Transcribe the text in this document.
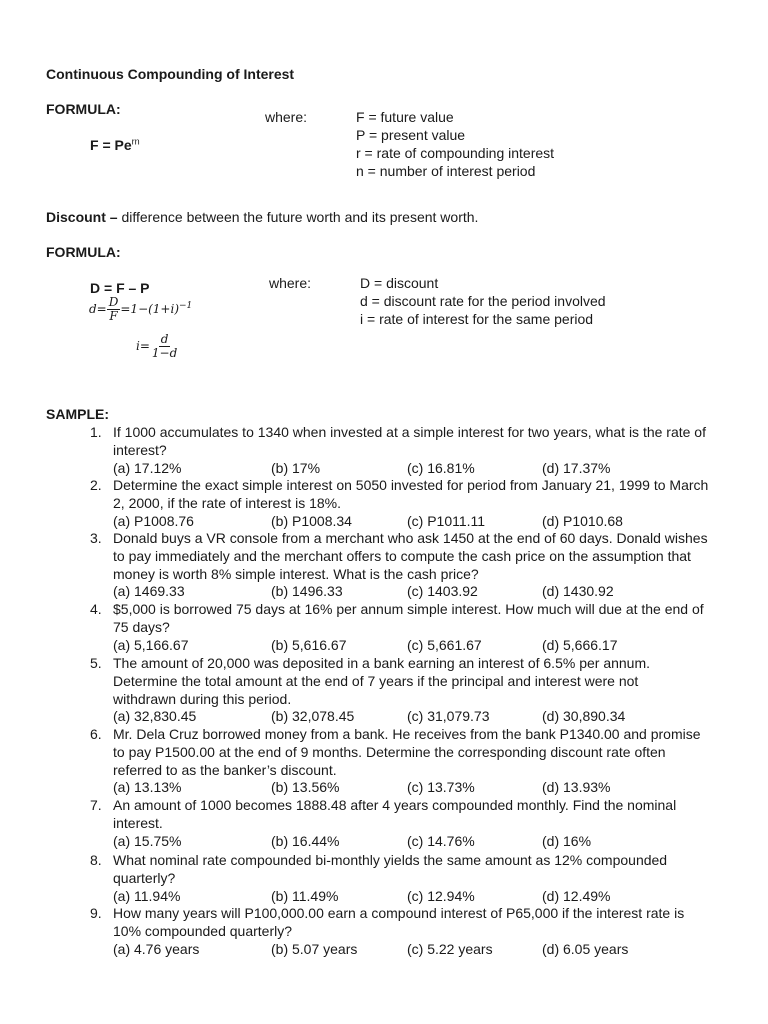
Continuous Compounding of Interest
FORMULA:
$F = Pe^{rn}$
where:	F = future value
P = present value
r = rate of compounding interest
n = number of interest period
Discount – difference between the future worth and its present worth.
FORMULA:
D = F – P
$d= \frac{D}{F} =1-(1+i)^{-1}$
$i= \frac{d}{1-d}$
where:	D = discount
d = discount rate for the period involved
i = rate of interest for the same period
SAMPLE:
1. If 1000 accumulates to 1340 when invested at a simple interest for two years, what is the rate of interest?
(a) 17.12%	(b) 17%	(c) 16.81%	(d) 17.37%
2. Determine the exact simple interest on 5050 invested for period from January 21, 1999 to March 2, 2000, if the rate of interest is 18%.
(a) P1008.76	(b) P1008.34	(c) P1011.11	(d) P1010.68
3. Donald buys a VR console from a merchant who ask 1450 at the end of 60 days. Donald wishes to pay immediately and the merchant offers to compute the cash price on the assumption that money is worth 8% simple interest. What is the cash price?
(a) 1469.33	(b) 1496.33	(c) 1403.92	(d) 1430.92
4. $5,000 is borrowed 75 days at 16% per annum simple interest. How much will due at the end of 75 days?
(a) 5,166.67	(b) 5,616.67	(c) 5,661.67	(d) 5,666.17
5. The amount of 20,000 was deposited in a bank earning an interest of 6.5% per annum. Determine the total amount at the end of 7 years if the principal and interest were not withdrawn during this period.
(a) 32,830.45	(b) 32,078.45	(c) 31,079.73	(d) 30,890.34
6. Mr. Dela Cruz borrowed money from a bank. He receives from the bank P1340.00 and promise to pay P1500.00 at the end of 9 months. Determine the corresponding discount rate often referred to as the banker’s discount.
(a) 13.13%	(b) 13.56%	(c) 13.73%	(d) 13.93%
7. An amount of 1000 becomes 1888.48 after 4 years compounded monthly. Find the nominal interest.
(a) 15.75%	(b) 16.44%	(c) 14.76%	(d) 16%
8. What nominal rate compounded bi-monthly yields the same amount as 12% compounded quarterly?
(a) 11.94%	(b) 11.49%	(c) 12.94%	(d) 12.49%
9. How many years will P100,000.00 earn a compound interest of P65,000 if the interest rate is 10% compounded quarterly?
(a) 4.76 years	(b) 5.07 years	(c) 5.22 years	(d) 6.05 years
